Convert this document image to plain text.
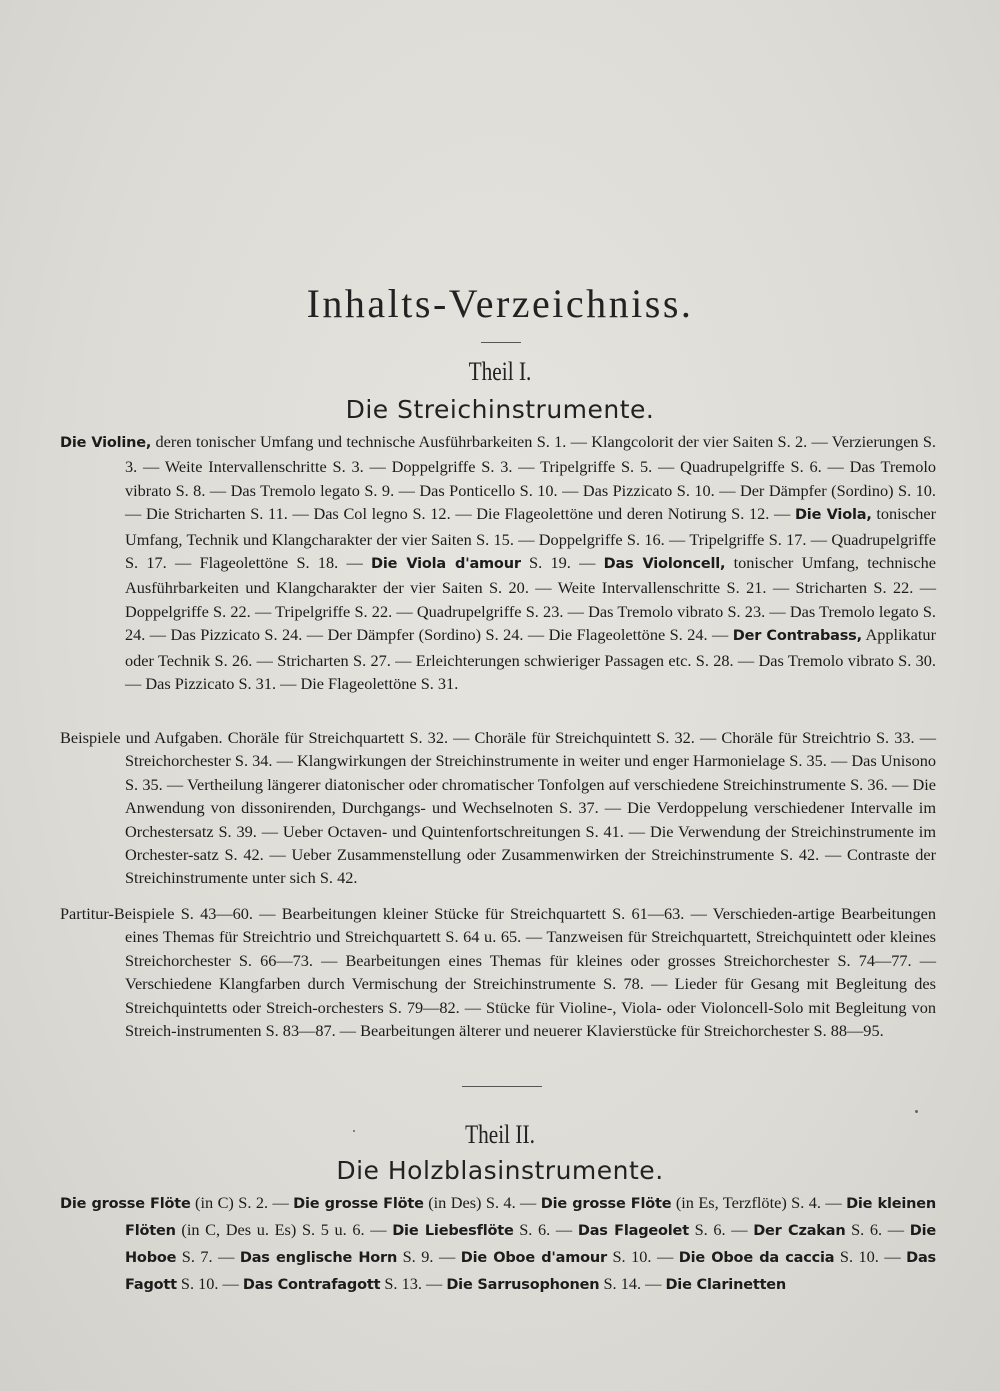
Inhalts-Verzeichniss.
Theil I.
Die Streichinstrumente.
Die Violine, deren tonischer Umfang und technische Ausführbarkeiten S. 1. — Klangcolorit der vier Saiten S. 2. — Verzierungen S. 3. — Weite Intervallenschritte S. 3. — Doppelgriffe S. 3. — Tripelgriffe S. 5. — Quadrupelgriffe S. 6. — Das Tremolo vibrato S. 8. — Das Tremolo legato S. 9. — Das Ponticello S. 10. — Das Pizzicato S. 10. — Der Dämpfer (Sordino) S. 10. — Die Stricharten S. 11. — Das Col legno S. 12. — Die Flageolettöne und deren Notirung S. 12. — Die Viola, tonischer Umfang, Technik und Klangcharakter der vier Saiten S. 15. — Doppelgriffe S. 16. — Tripelgriffe S. 17. — Quadrupelgriffe S. 17. — Flageolettöne S. 18. — Die Viola d'amour S. 19. — Das Violoncell, tonischer Umfang, technische Ausführbarkeiten und Klangcharakter der vier Saiten S. 20. — Weite Intervallenschritte S. 21. — Stricharten S. 22. — Doppelgriffe S. 22. — Tripelgriffe S. 22. — Quadrupelgriffe S. 23. — Das Tremolo vibrato S. 23. — Das Tremolo legato S. 24. — Das Pizzicato S. 24. — Der Dämpfer (Sordino) S. 24. — Die Flageolettöne S. 24. — Der Contrabass, Applikatur oder Technik S. 26. — Stricharten S. 27. — Erleichterungen schwieriger Passagen etc. S. 28. — Das Tremolo vibrato S. 30. — Das Pizzicato S. 31. — Die Flageolettöne S. 31.
Beispiele und Aufgaben. Choräle für Streichquartett S. 32. — Choräle für Streichquintett S. 32. — Choräle für Streichtrio S. 33. — Streichorchester S. 34. — Klangwirkungen der Streichinstrumente in weiter und enger Harmonielage S. 35. — Das Unisono S. 35. — Vertheilung längerer diatonischer oder chromatischer Tonfolgen auf verschiedene Streichinstrumente S. 36. — Die Anwendung von dissonirenden, Durchgangs- und Wechselnoten S. 37. — Die Verdoppelung verschiedener Intervalle im Orchestersatz S. 39. — Ueber Octaven- und Quintenfortschreitungen S. 41. — Die Verwendung der Streichinstrumente im Orchester-satz S. 42. — Ueber Zusammenstellung oder Zusammenwirken der Streichinstrumente S. 42. — Contraste der Streichinstrumente unter sich S. 42.
Partitur-Beispiele S. 43—60. — Bearbeitungen kleiner Stücke für Streichquartett S. 61—63. — Verschieden-artige Bearbeitungen eines Themas für Streichtrio und Streichquartett S. 64 u. 65. — Tanzweisen für Streichquartett, Streichquintett oder kleines Streichorchester S. 66—73. — Bearbeitungen eines Themas für kleines oder grosses Streichorchester S. 74—77. — Verschiedene Klangfarben durch Vermischung der Streichinstrumente S. 78. — Lieder für Gesang mit Begleitung des Streichquintetts oder Streich-orchesters S. 79—82. — Stücke für Violine-, Viola- oder Violoncell-Solo mit Begleitung von Streich-instrumenten S. 83—87. — Bearbeitungen älterer und neuerer Klavierstücke für Streichorchester S. 88—95.
Theil II.
Die Holzblasinstrumente.
Die grosse Flöte (in C) S. 2. — Die grosse Flöte (in Des) S. 4. — Die grosse Flöte (in Es, Terzflöte) S. 4. — Die kleinen Flöten (in C, Des u. Es) S. 5 u. 6. — Die Liebesflöte S. 6. — Das Flageolet S. 6. — Der Czakan S. 6. — Die Hoboe S. 7. — Das englische Horn S. 9. — Die Oboe d'amour S. 10. — Die Oboe da caccia S. 10. — Das Fagott S. 10. — Das Contrafagott S. 13. — Die Sarrusophonen S. 14. — Die Clarinetten
